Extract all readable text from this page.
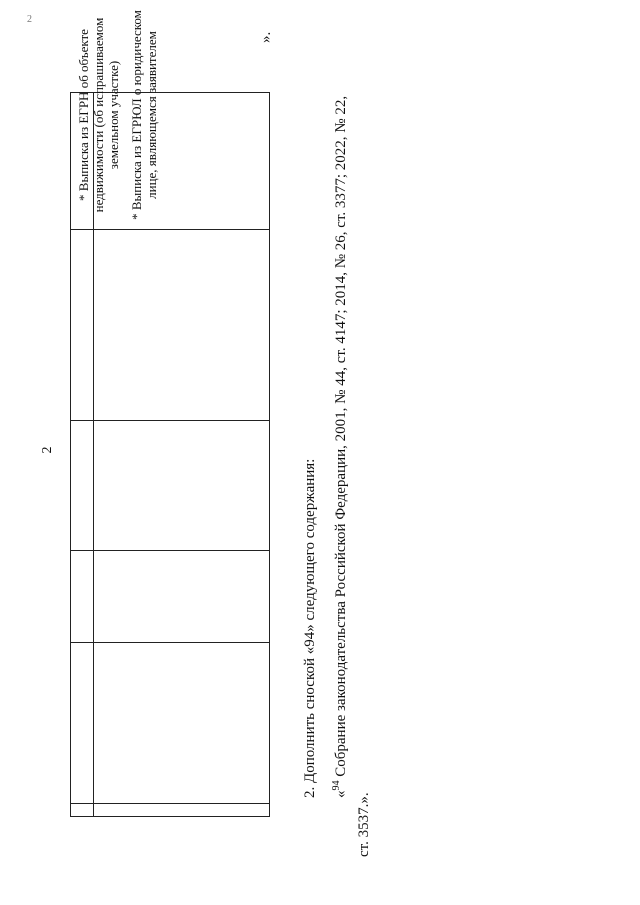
2
2

* Выписка из ЕГРН об объекте недвижимости (об испрашиваемом земельном участке) * Выписка из ЕГРЮЛ о юридическом лице, являющемся заявителем	».
2. Дополнить сноской «94» следующего содержания:	«$^{94}$ Собрание законодательства Российской Федерации, 2001, № 44, ст. 4147; 2014, № 26, ст. 3377; 2022, № 22,
ст. 3537.».
